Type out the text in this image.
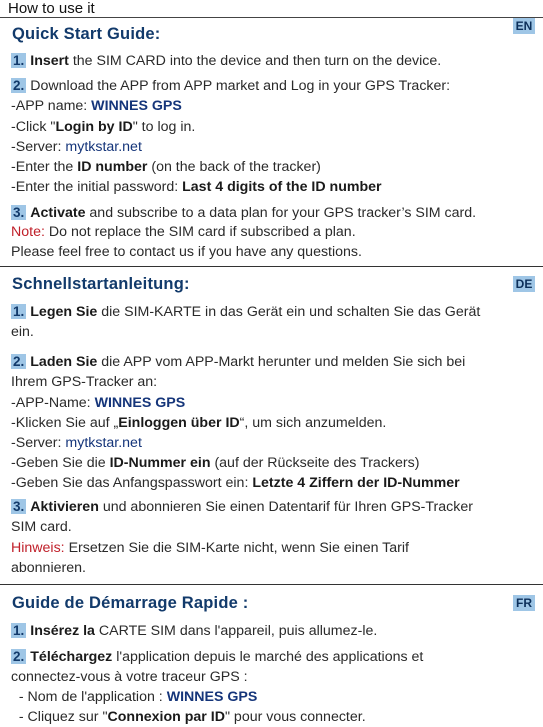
How to use it
Quick Start Guide:	EN
1. Insert the SIM CARD into the device and then turn on the device.
2. Download the APP from APP market and Log in your GPS Tracker:
-APP name: WINNES GPS
-Click "Login by ID" to log in.
-Server: mytkstar.net
-Enter the ID number (on the back of the tracker)
-Enter the initial password: Last 4 digits of the ID number
3. Activate and subscribe to a data plan for your GPS tracker’s SIM card.
Note: Do not replace the SIM card if subscribed a plan.
Please feel free to contact us if you have any questions.
Schnellstartanleitung:	DE
1. Legen Sie die SIM-KARTE in das Gerät ein und schalten Sie das Gerät
ein.
2. Laden Sie die APP vom APP-Markt herunter und melden Sie sich bei
Ihrem GPS-Tracker an:
-APP-Name: WINNES GPS
-Klicken Sie auf „Einloggen über ID“, um sich anzumelden.
-Server: mytkstar.net
-Geben Sie die ID-Nummer ein (auf der Rückseite des Trackers)
-Geben Sie das Anfangspasswort ein: Letzte 4 Ziffern der ID-Nummer
3. Aktivieren und abonnieren Sie einen Datentarif für Ihren GPS-Tracker
SIM card.
Hinweis: Ersetzen Sie die SIM-Karte nicht, wenn Sie einen Tarif
abonnieren.
Guide de Démarrage Rapide :	FR
1. Insérez la CARTE SIM dans l'appareil, puis allumez-le.
2. Téléchargez l'application depuis le marché des applications et
connectez-vous à votre traceur GPS :
- Nom de l'application : WINNES GPS
- Cliquez sur "Connexion par ID" pour vous connecter.
